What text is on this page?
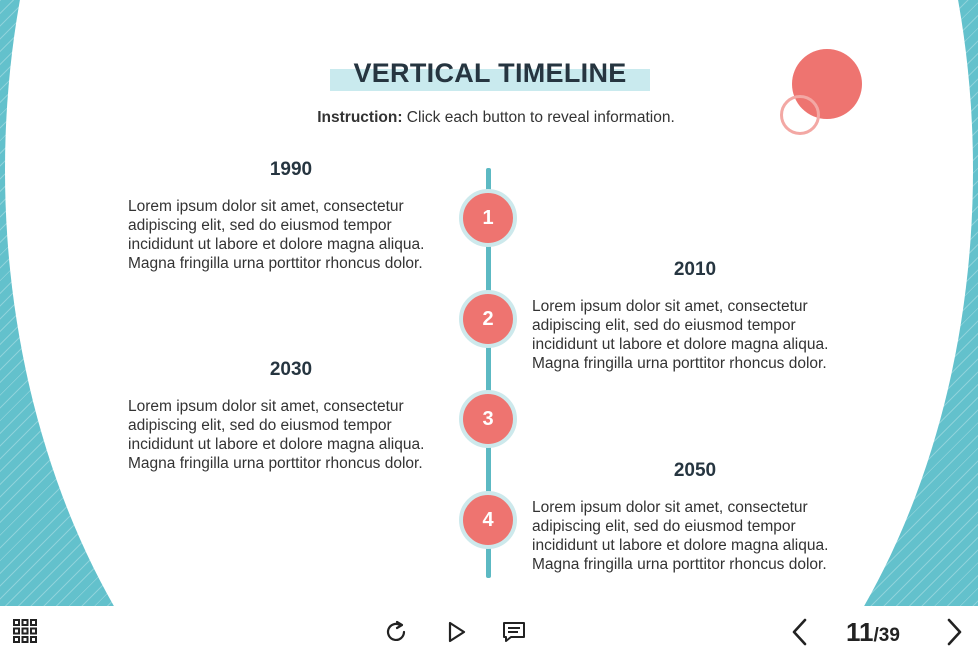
VERTICAL TIMELINE
Instruction: Click each button to reveal information.
1990
Lorem ipsum dolor sit amet, consectetur adipiscing elit, sed do eiusmod tempor incididunt ut labore et dolore magna aliqua. Magna fringilla urna porttitor rhoncus dolor.
1
2010
Lorem ipsum dolor sit amet, consectetur adipiscing elit, sed do eiusmod tempor incididunt ut labore et dolore magna aliqua. Magna fringilla urna porttitor rhoncus dolor.
2
2030
Lorem ipsum dolor sit amet, consectetur adipiscing elit, sed do eiusmod tempor incididunt ut labore et dolore magna aliqua. Magna fringilla urna porttitor rhoncus dolor.
3
2050
Lorem ipsum dolor sit amet, consectetur adipiscing elit, sed do eiusmod tempor incididunt ut labore et dolore magna aliqua. Magna fringilla urna porttitor rhoncus dolor.
4
11/39
